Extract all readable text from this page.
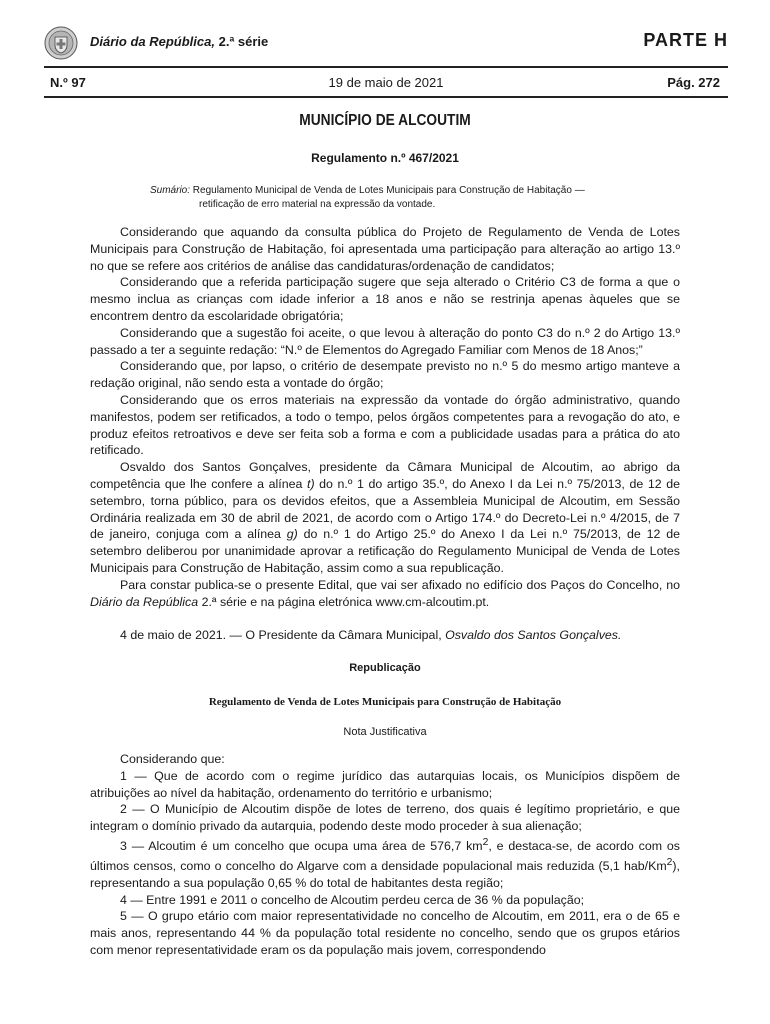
Diário da República, 2.ª série	PARTE H
N.º 97	19 de maio de 2021	Pág. 272
MUNICÍPIO DE ALCOUTIM
Regulamento n.º 467/2021
Sumário: Regulamento Municipal de Venda de Lotes Municipais para Construção de Habitação —
retificação de erro material na expressão da vontade.

Considerando que aquando da consulta pública do Projeto de Regulamento de Venda de Lotes Municipais para Construção de Habitação, foi apresentada uma participação para alteração ao artigo 13.º no que se refere aos critérios de análise das candidaturas/ordenação de candidatos;

Considerando que a referida participação sugere que seja alterado o Critério C3 de forma a que o mesmo inclua as crianças com idade inferior a 18 anos e não se restrinja apenas àqueles que se encontrem dentro da escolaridade obrigatória;

Considerando que a sugestão foi aceite, o que levou à alteração do ponto C3 do n.º 2 do Artigo 13.º passado a ter a seguinte redação: “N.º de Elementos do Agregado Familiar com Menos de 18 Anos;”

Considerando que, por lapso, o critério de desempate previsto no n.º 5 do mesmo artigo manteve a redação original, não sendo esta a vontade do órgão;

Considerando que os erros materiais na expressão da vontade do órgão administrativo, quando manifestos, podem ser retificados, a todo o tempo, pelos órgãos competentes para a revogação do ato, e produz efeitos retroativos e deve ser feita sob a forma e com a publicidade usadas para a prática do ato retificado.

Osvaldo dos Santos Gonçalves, presidente da Câmara Municipal de Alcoutim, ao abrigo da competência que lhe confere a alínea t) do n.º 1 do artigo 35.º, do Anexo I da Lei n.º 75/2013, de 12 de setembro, torna público, para os devidos efeitos, que a Assembleia Municipal de Alcoutim, em Sessão Ordinária realizada em 30 de abril de 2021, de acordo com o Artigo 174.º do Decreto-Lei n.º 4/2015, de 7 de janeiro, conjuga com a alínea g) do n.º 1 do Artigo 25.º do Anexo I da Lei n.º 75/2013, de 12 de setembro deliberou por unanimidade aprovar a retificação do Regulamento Municipal de Venda de Lotes Municipais para Construção de Habitação, assim como a sua republicação.

Para constar publica-se o presente Edital, que vai ser afixado no edifício dos Paços do Concelho, no Diário da República 2.ª série e na página eletrónica www.cm-alcoutim.pt.

4 de maio de 2021. — O Presidente da Câmara Municipal, Osvaldo dos Santos Gonçalves.
Republicação
Regulamento de Venda de Lotes Municipais para Construção de Habitação
Nota Justificativa

Considerando que:

1 — Que de acordo com o regime jurídico das autarquias locais, os Municípios dispõem de atribuições ao nível da habitação, ordenamento do território e urbanismo;

2 — O Município de Alcoutim dispõe de lotes de terreno, dos quais é legítimo proprietário, e que integram o domínio privado da autarquia, podendo deste modo proceder à sua alienação;

3 — Alcoutim é um concelho que ocupa uma área de 576,7 $km^2$, e destaca-se, de acordo com os últimos censos, como o concelho do Algarve com a densidade populacional mais reduzida (5,1 hab/Km$^2$), representando a sua população 0,65 % do total de habitantes desta região;

4 — Entre 1991 e 2011 o concelho de Alcoutim perdeu cerca de 36 % da população;

5 — O grupo etário com maior representatividade no concelho de Alcoutim, em 2011, era o de 65 e mais anos, representando 44 % da população total residente no concelho, sendo que os grupos etários com menor representatividade eram os da população mais jovem, correspondendo
